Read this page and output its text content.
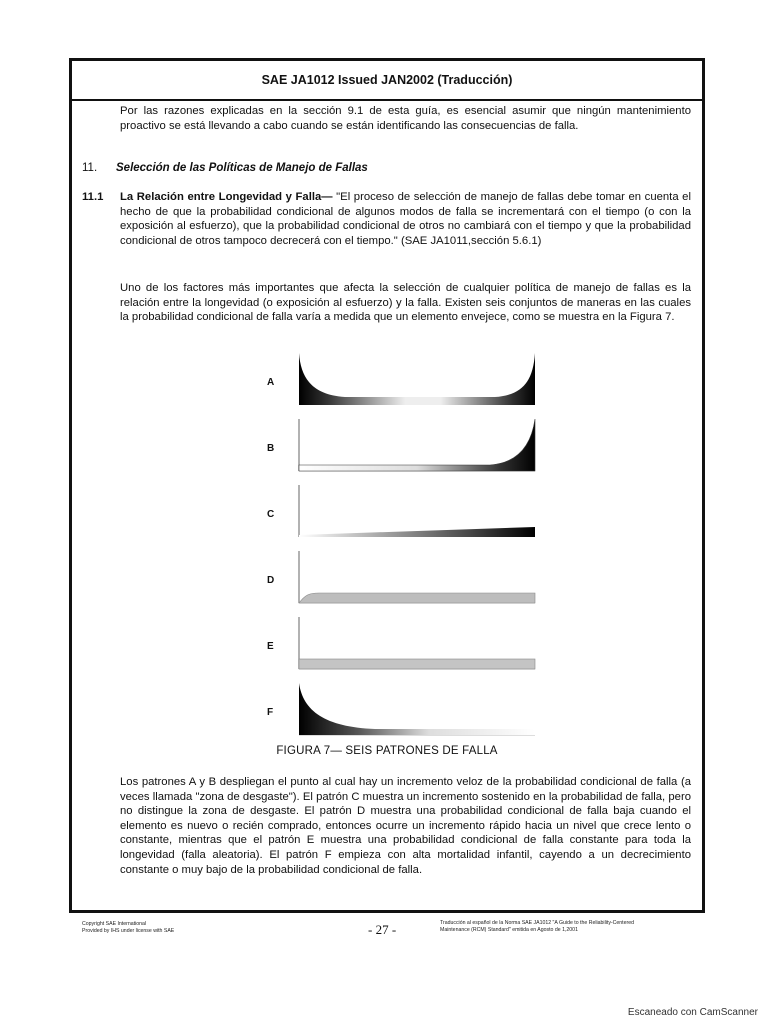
SAE JA1012 Issued JAN2002 (Traducción)
Por las razones explicadas en la sección 9.1 de esta guía, es esencial asumir que ningún mantenimiento proactivo se está llevando a cabo cuando se están identificando las consecuencias de falla.
11. Selección de las Políticas de Manejo de Fallas
11.1 La Relación entre Longevidad y Falla— "El proceso de selección de manejo de fallas debe tomar en cuenta el hecho de que la probabilidad condicional de algunos modos de falla se incrementará con el tiempo (o con la exposición al esfuerzo), que la probabilidad condicional de otros no cambiará con el tiempo y que la probabilidad condicional de otros tampoco decrecerá con el tiempo." (SAE JA1011,sección 5.6.1)
Uno de los factores más importantes que afecta la selección de cualquier política de manejo de fallas es la relación entre la longevidad (o exposición al esfuerzo) y la falla. Existen seis conjuntos de maneras en las cuales la probabilidad condicional de falla varía a medida que un elemento envejece, como se muestra en la Figura 7.
A
B
C
D
E
F
FIGURA 7— SEIS PATRONES DE FALLA
Los patrones A y B despliegan el punto al cual hay un incremento veloz de la probabilidad condicional de falla (a veces llamada "zona de desgaste"). El patrón C muestra un incremento sostenido en la probabilidad de falla, pero no distingue la zona de desgaste. El patrón D muestra una probabilidad condicional de falla baja cuando el elemento es nuevo o recién comprado, entonces ocurre un incremento rápido hacia un nivel que crece lento o constante, mientras que el patrón E muestra una probabilidad condicional de falla constante para toda la longevidad (falla aleatoria). El patrón F empieza con alta mortalidad infantil, cayendo a un decrecimiento constante o muy bajo de la probabilidad condicional de falla.
Copyright SAE International
Provided by IHS under license with SAE	- 27 -	Traducción al español de la Norma SAE JA1012 "A Guide to the Reliability-Centered
Maintenance (RCM) Standard" emitida en Agosto de 1,2001
Escaneado con CamScanner
